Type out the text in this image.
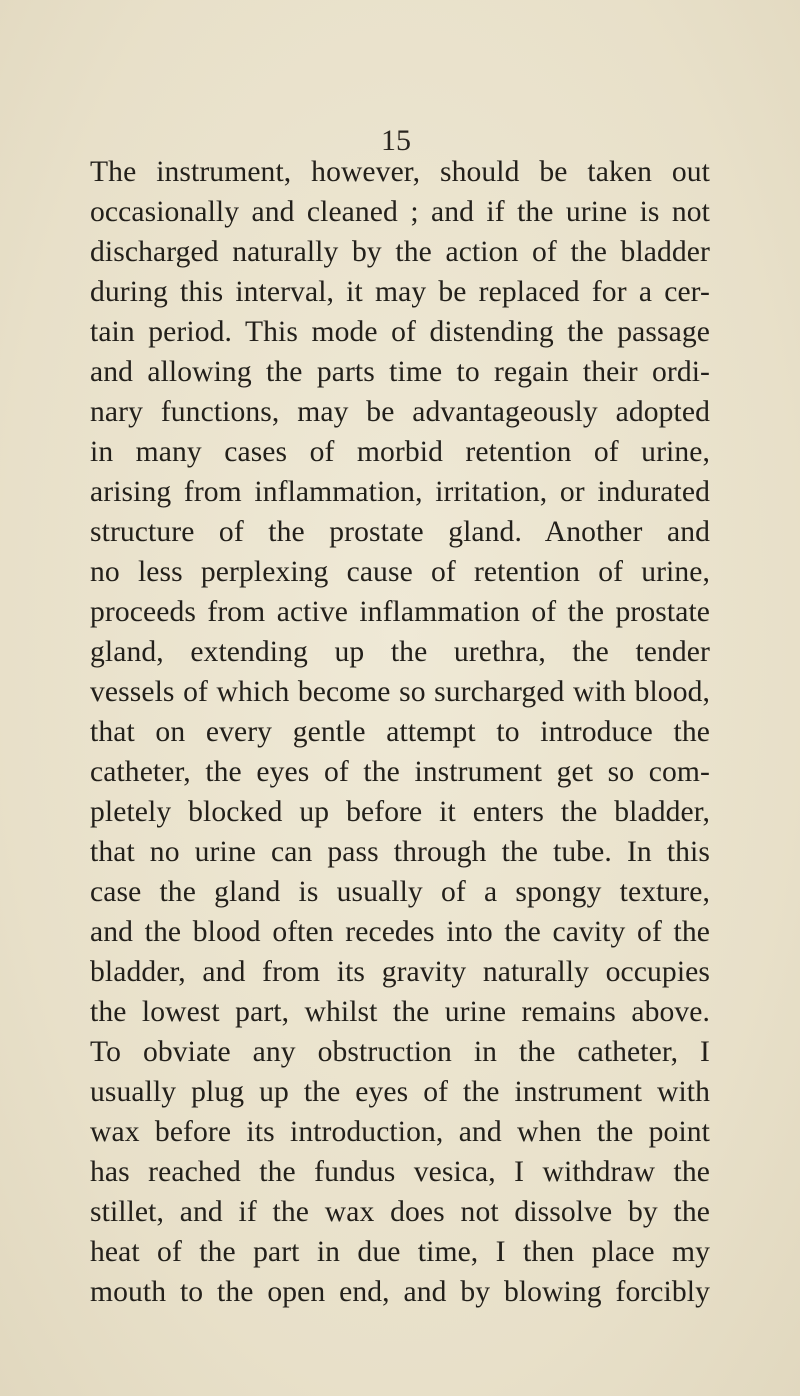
15
The instrument, however, should be taken out
occasionally and cleaned ; and if the urine is not
discharged naturally by the action of the bladder
during this interval, it may be replaced for a cer-
tain period. This mode of distending the passage
and allowing the parts time to regain their ordi-
nary functions, may be advantageously adopted
in many cases of morbid retention of urine,
arising from inflammation, irritation, or indurated
structure of the prostate gland. Another and
no less perplexing cause of retention of urine,
proceeds from active inflammation of the prostate
gland, extending up the urethra, the tender
vessels of which become so surcharged with blood,
that on every gentle attempt to introduce the
catheter, the eyes of the instrument get so com-
pletely blocked up before it enters the bladder,
that no urine can pass through the tube. In this
case the gland is usually of a spongy texture,
and the blood often recedes into the cavity of the
bladder, and from its gravity naturally occupies
the lowest part, whilst the urine remains above.
To obviate any obstruction in the catheter, I
usually plug up the eyes of the instrument with
wax before its introduction, and when the point
has reached the fundus vesica, I withdraw the
stillet, and if the wax does not dissolve by the
heat of the part in due time, I then place my
mouth to the open end, and by blowing forcibly
